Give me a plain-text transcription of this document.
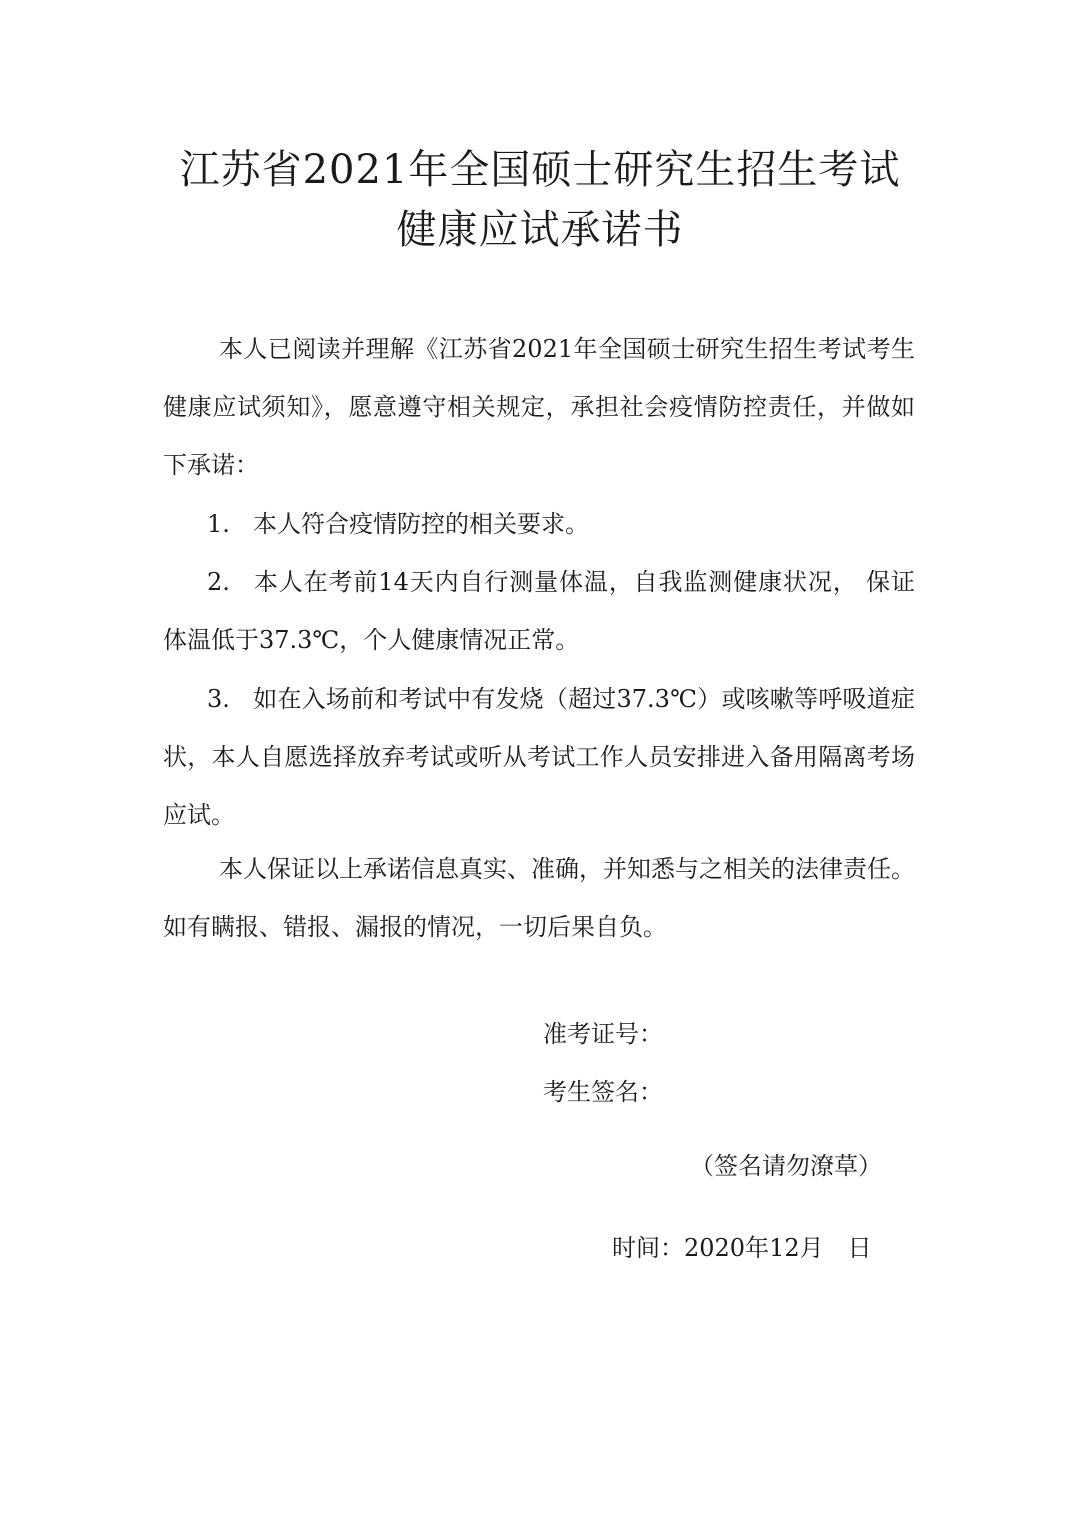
江苏省2021年全国硕士研究生招生考试
健康应试承诺书
本人已阅读并理解《江苏省2021年全国硕士研究生招生考试考生健康应试须知》，愿意遵守相关规定，承担社会疫情防控责任，并做如下承诺：
1. 本人符合疫情防控的相关要求。
2. 本人在考前14天内自行测量体温，自我监测健康状况， 保证体温低于37.3℃，个人健康情况正常。
3. 如在入场前和考试中有发烧（超过37.3℃）或咳嗽等呼吸道症状，本人自愿选择放弃考试或听从考试工作人员安排进入备用隔离考场应试。
本人保证以上承诺信息真实、准确，并知悉与之相关的法律责任。如有瞒报、错报、漏报的情况，一切后果自负。
准考证号：
考生签名：
（签名请勿潦草）
时间：2020年12月　日
